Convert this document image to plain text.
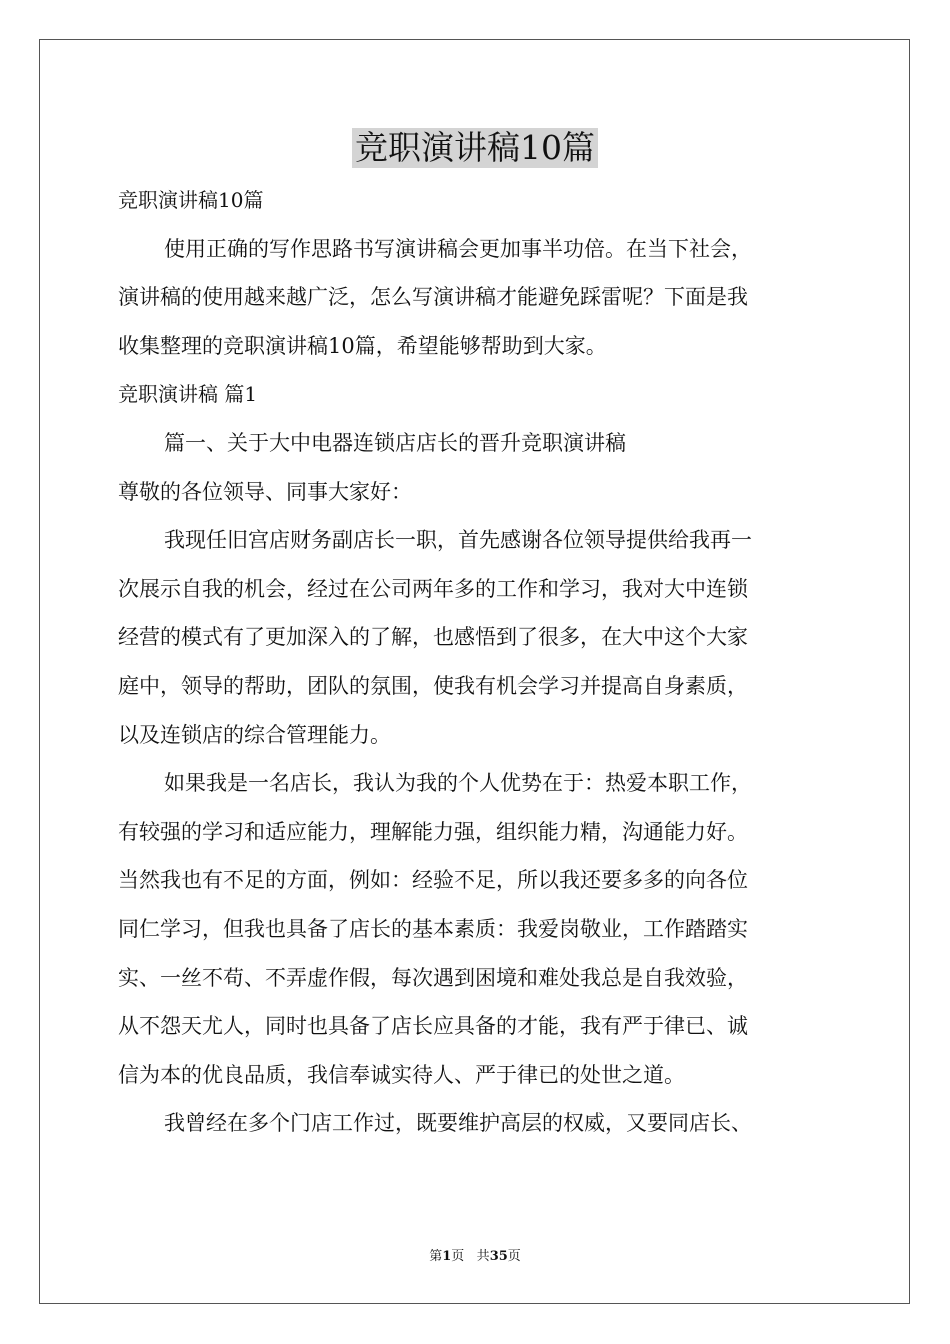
竞职演讲稿10篇
竞职演讲稿10篇
使用正确的写作思路书写演讲稿会更加事半功倍。在当下社会，
演讲稿的使用越来越广泛，怎么写演讲稿才能避免踩雷呢？下面是我
收集整理的竞职演讲稿10篇，希望能够帮助到大家。
竞职演讲稿 篇1
篇一、关于大中电器连锁店店长的晋升竞职演讲稿
尊敬的各位领导、同事大家好：
我现任旧宫店财务副店长一职，首先感谢各位领导提供给我再一
次展示自我的机会，经过在公司两年多的工作和学习，我对大中连锁
经营的模式有了更加深入的了解，也感悟到了很多，在大中这个大家
庭中，领导的帮助，团队的氛围，使我有机会学习并提高自身素质，
以及连锁店的综合管理能力。
如果我是一名店长，我认为我的个人优势在于：热爱本职工作，
有较强的学习和适应能力，理解能力强，组织能力精，沟通能力好。
当然我也有不足的方面，例如：经验不足，所以我还要多多的向各位
同仁学习，但我也具备了店长的基本素质：我爱岗敬业，工作踏踏实
实、一丝不苟、不弄虚作假，每次遇到困境和难处我总是自我效验，
从不怨天尤人，同时也具备了店长应具备的才能，我有严于律已、诚
信为本的优良品质，我信奉诚实待人、严于律已的处世之道。
我曾经在多个门店工作过，既要维护高层的权威，又要同店长、
第1页 共35页
